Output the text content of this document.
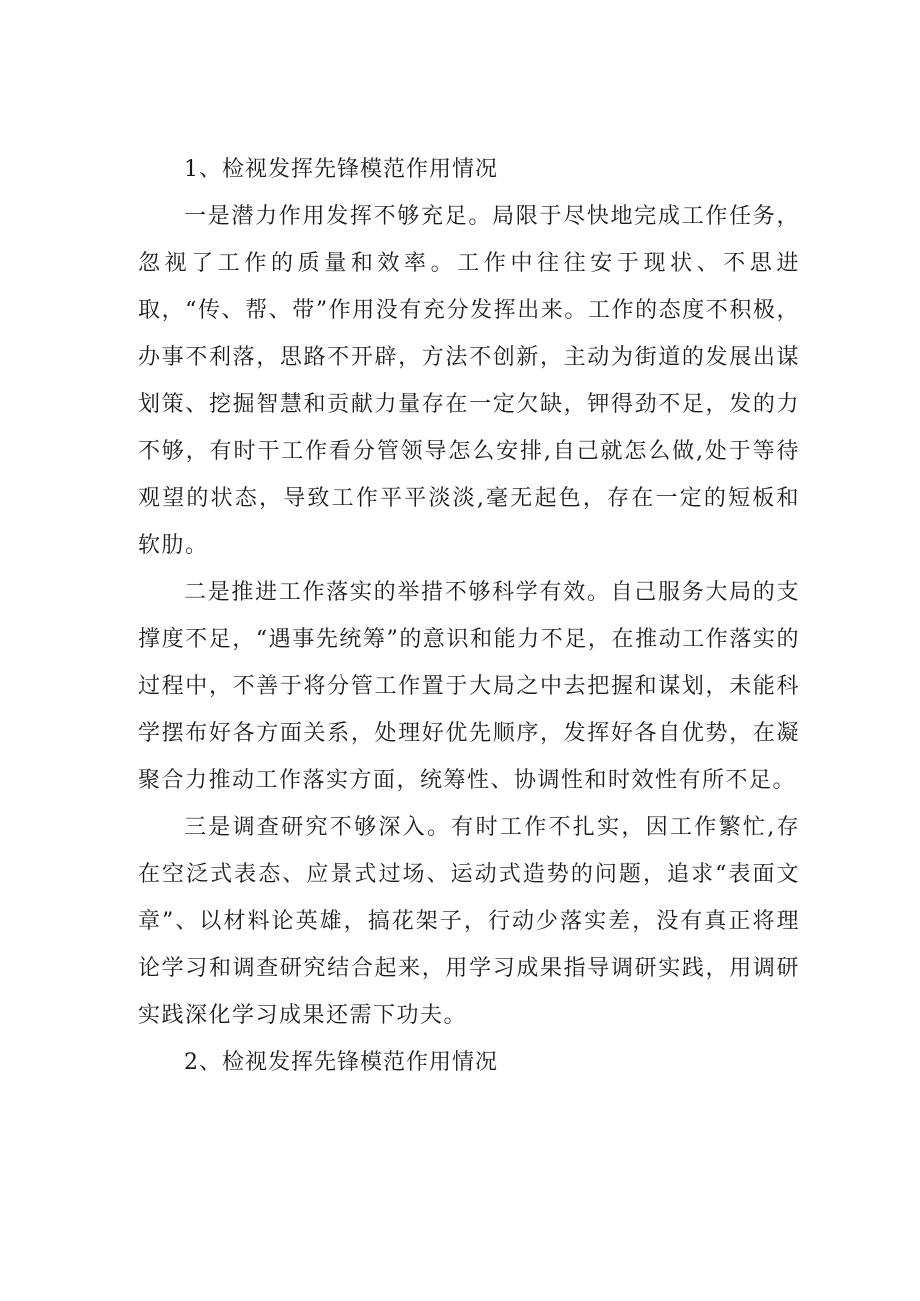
1、检视发挥先锋模范作用情况

一是潜力作用发挥不够充足。局限于尽快地完成工作任务，忽视了工作的质量和效率。工作中往往安于现状、不思进取，“传、帮、带”作用没有充分发挥出来。工作的态度不积极，办事不利落，思路不开辟，方法不创新，主动为街道的发展出谋划策、挖掘智慧和贡献力量存在一定欠缺，钾得劲不足，发的力不够，有时干工作看分管领导怎么安排,自己就怎么做,处于等待观望的状态，导致工作平平淡淡,毫无起色，存在一定的短板和软肋。

二是推进工作落实的举措不够科学有效。自己服务大局的支撑度不足，“遇事先统筹”的意识和能力不足，在推动工作落实的过程中，不善于将分管工作置于大局之中去把握和谋划，未能科学摆布好各方面关系，处理好优先顺序，发挥好各自优势，在凝聚合力推动工作落实方面，统筹性、协调性和时效性有所不足。

三是调查研究不够深入。有时工作不扎实，因工作繁忙,存在空泛式表态、应景式过场、运动式造势的问题，追求“表面文章”、以材料论英雄，搞花架子，行动少落实差，没有真正将理论学习和调查研究结合起来，用学习成果指导调研实践，用调研实践深化学习成果还需下功夫。

2、检视发挥先锋模范作用情况
